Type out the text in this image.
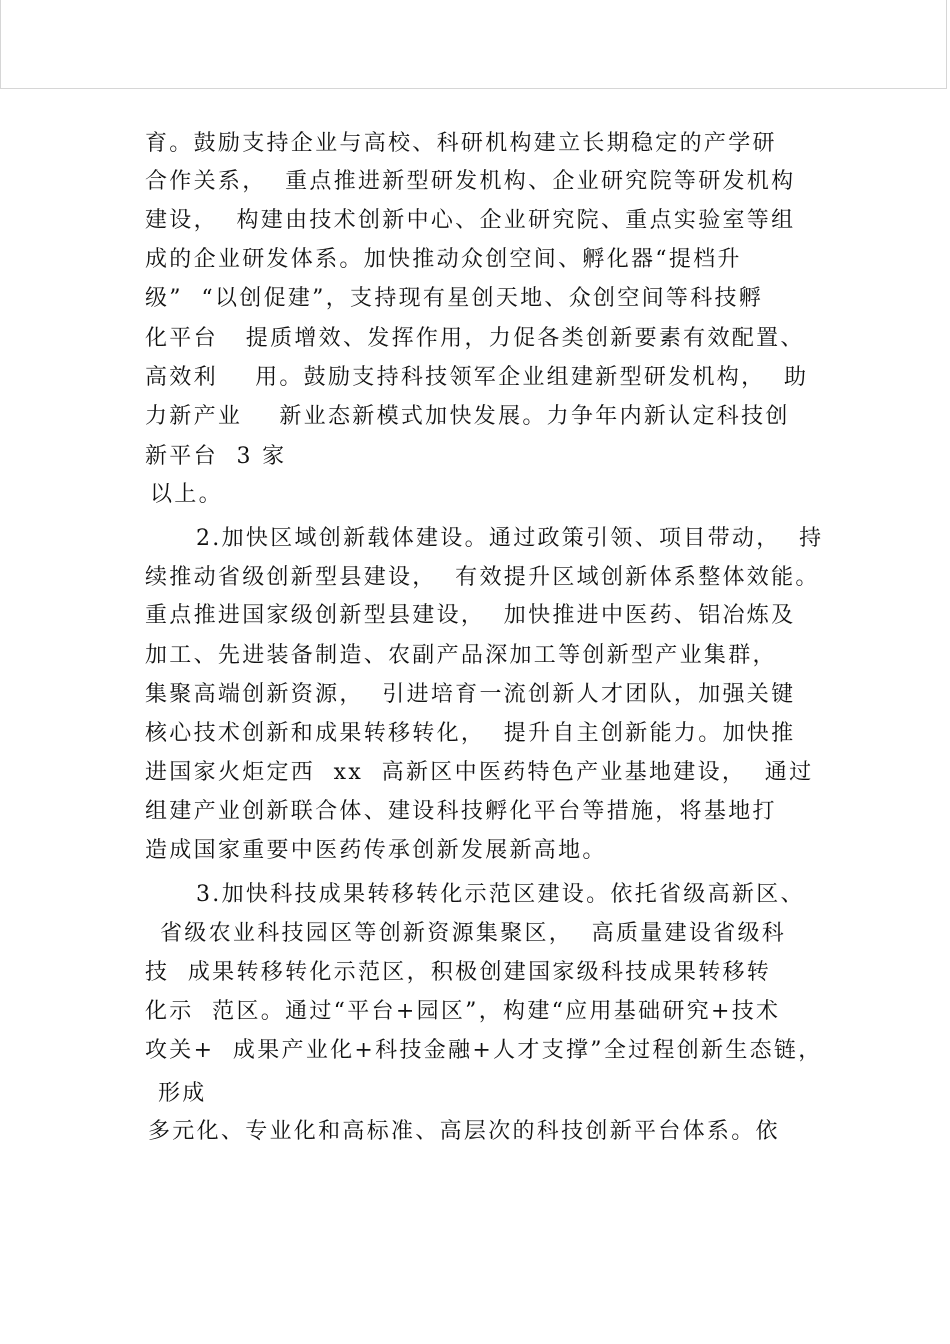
育。鼓励支持企业与高校、科研机构建立长期稳定的产学研
合作关系，  重点推进新型研发机构、企业研究院等研发机构
建设，  构建由技术创新中心、企业研究院、重点实验室等组
成的企业研发体系。加快推动众创空间、孵化器“提档升
级”  “以创促建”，支持现有星创天地、众创空间等科技孵
化平台   提质增效、发挥作用，力促各类创新要素有效配置、
高效利    用。鼓励支持科技领军企业组建新型研发机构，  助
力新产业    新业态新模式加快发展。力争年内新认定科技创
新平台  3 家
以上。
2.加快区域创新载体建设。通过政策引领、项目带动，  持
续推动省级创新型县建设，  有效提升区域创新体系整体效能。
重点推进国家级创新型县建设，  加快推进中医药、铝冶炼及
加工、先进装备制造、农副产品深加工等创新型产业集群，
集聚高端创新资源，  引进培育一流创新人才团队，加强关键
核心技术创新和成果转移转化，  提升自主创新能力。加快推
进国家火炬定西  xx  高新区中医药特色产业基地建设，  通过
组建产业创新联合体、建设科技孵化平台等措施，将基地打
造成国家重要中医药传承创新发展新高地。
3.加快科技成果转移转化示范区建设。依托省级高新区、
省级农业科技园区等创新资源集聚区，  高质量建设省级科
技  成果转移转化示范区，积极创建国家级科技成果转移转
化示  范区。通过“平台+园区”，构建“应用基础研究+技术
攻关+  成果产业化+科技金融+人才支撑”全过程创新生态链，
形成
多元化、专业化和高标准、高层次的科技创新平台体系。依
